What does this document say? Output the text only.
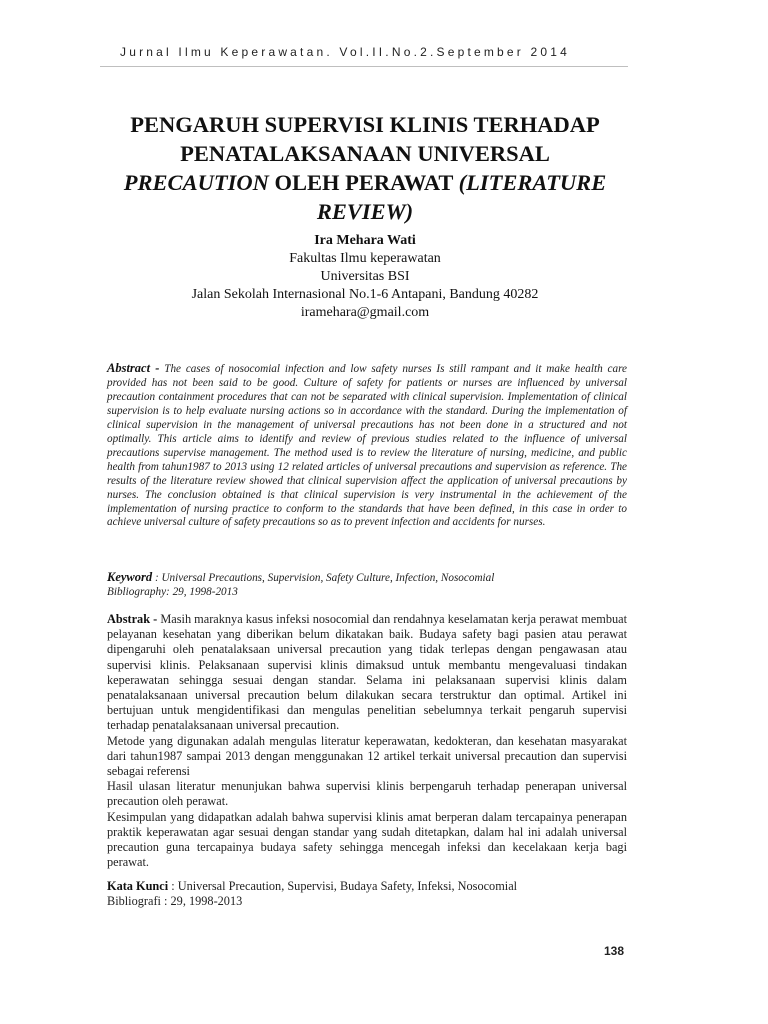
Jurnal Ilmu Keperawatan. Vol.II.No.2.September 2014
PENGARUH SUPERVISI KLINIS TERHADAP
PENATALAKSANAAN UNIVERSAL
PRECAUTION OLEH PERAWAT (LITERATURE
REVIEW)
Ira Mehara Wati
Fakultas Ilmu keperawatan
Universitas BSI
Jalan Sekolah Internasional No.1-6 Antapani, Bandung 40282
iramehara@gmail.com
Abstract - The cases of nosocomial infection and low safety nurses Is still rampant and it make health care provided has not been said to be good. Culture of safety for patients or nurses are influenced by universal precaution containment procedures that can not be separated with clinical supervision. Implementation of clinical supervision is to help evaluate nursing actions so in accordance with the standard. During the implementation of clinical supervision in the management of universal precautions has not been done in a structured and not optimally. This article aims to identify and review of previous studies related to the influence of universal precautions supervise management. The method used is to review the literature of nursing, medicine, and public health from tahun1987 to 2013 using 12 related articles of universal precautions and supervision as reference. The results of the literature review showed that clinical supervision affect the application of universal precautions by nurses. The conclusion obtained is that clinical supervision is very instrumental in the achievement of the implementation of nursing practice to conform to the standards that have been defined, in this case in order to achieve universal culture of safety precautions so as to prevent infection and accidents for nurses.
Keyword : Universal Precautions, Supervision, Safety Culture, Infection, Nosocomial
Bibliography: 29, 1998-2013

Abstrak - Masih maraknya kasus infeksi nosocomial dan rendahnya keselamatan kerja perawat membuat pelayanan kesehatan yang diberikan belum dikatakan baik. Budaya safety bagi pasien atau perawat dipengaruhi oleh penatalaksaan universal precaution yang tidak terlepas dengan pengawasan atau supervisi klinis. Pelaksanaan supervisi klinis dimaksud untuk membantu mengevaluasi tindakan keperawatan sehingga sesuai dengan standar. Selama ini pelaksanaan supervisi klinis dalam penatalaksanaan universal precaution belum dilakukan secara terstruktur dan optimal. Artikel ini bertujuan untuk mengidentifikasi dan mengulas penelitian sebelumnya terkait pengaruh supervisi terhadap penatalaksanaan universal precaution.

Metode yang digunakan adalah mengulas literatur keperawatan, kedokteran, dan kesehatan masyarakat dari tahun1987 sampai 2013 dengan menggunakan 12 artikel terkait universal precaution dan supervisi sebagai referensi

Hasil ulasan literatur menunjukan bahwa supervisi klinis berpengaruh terhadap penerapan universal precaution oleh perawat.

Kesimpulan yang didapatkan adalah bahwa supervisi klinis amat berperan dalam tercapainya penerapan praktik keperawatan agar sesuai dengan standar yang sudah ditetapkan, dalam hal ini adalah universal precaution guna tercapainya budaya safety sehingga mencegah infeksi dan kecelakaan kerja bagi perawat.

Kata Kunci : Universal Precaution, Supervisi, Budaya Safety, Infeksi, Nosocomial
Bibliografi : 29, 1998-2013
138
